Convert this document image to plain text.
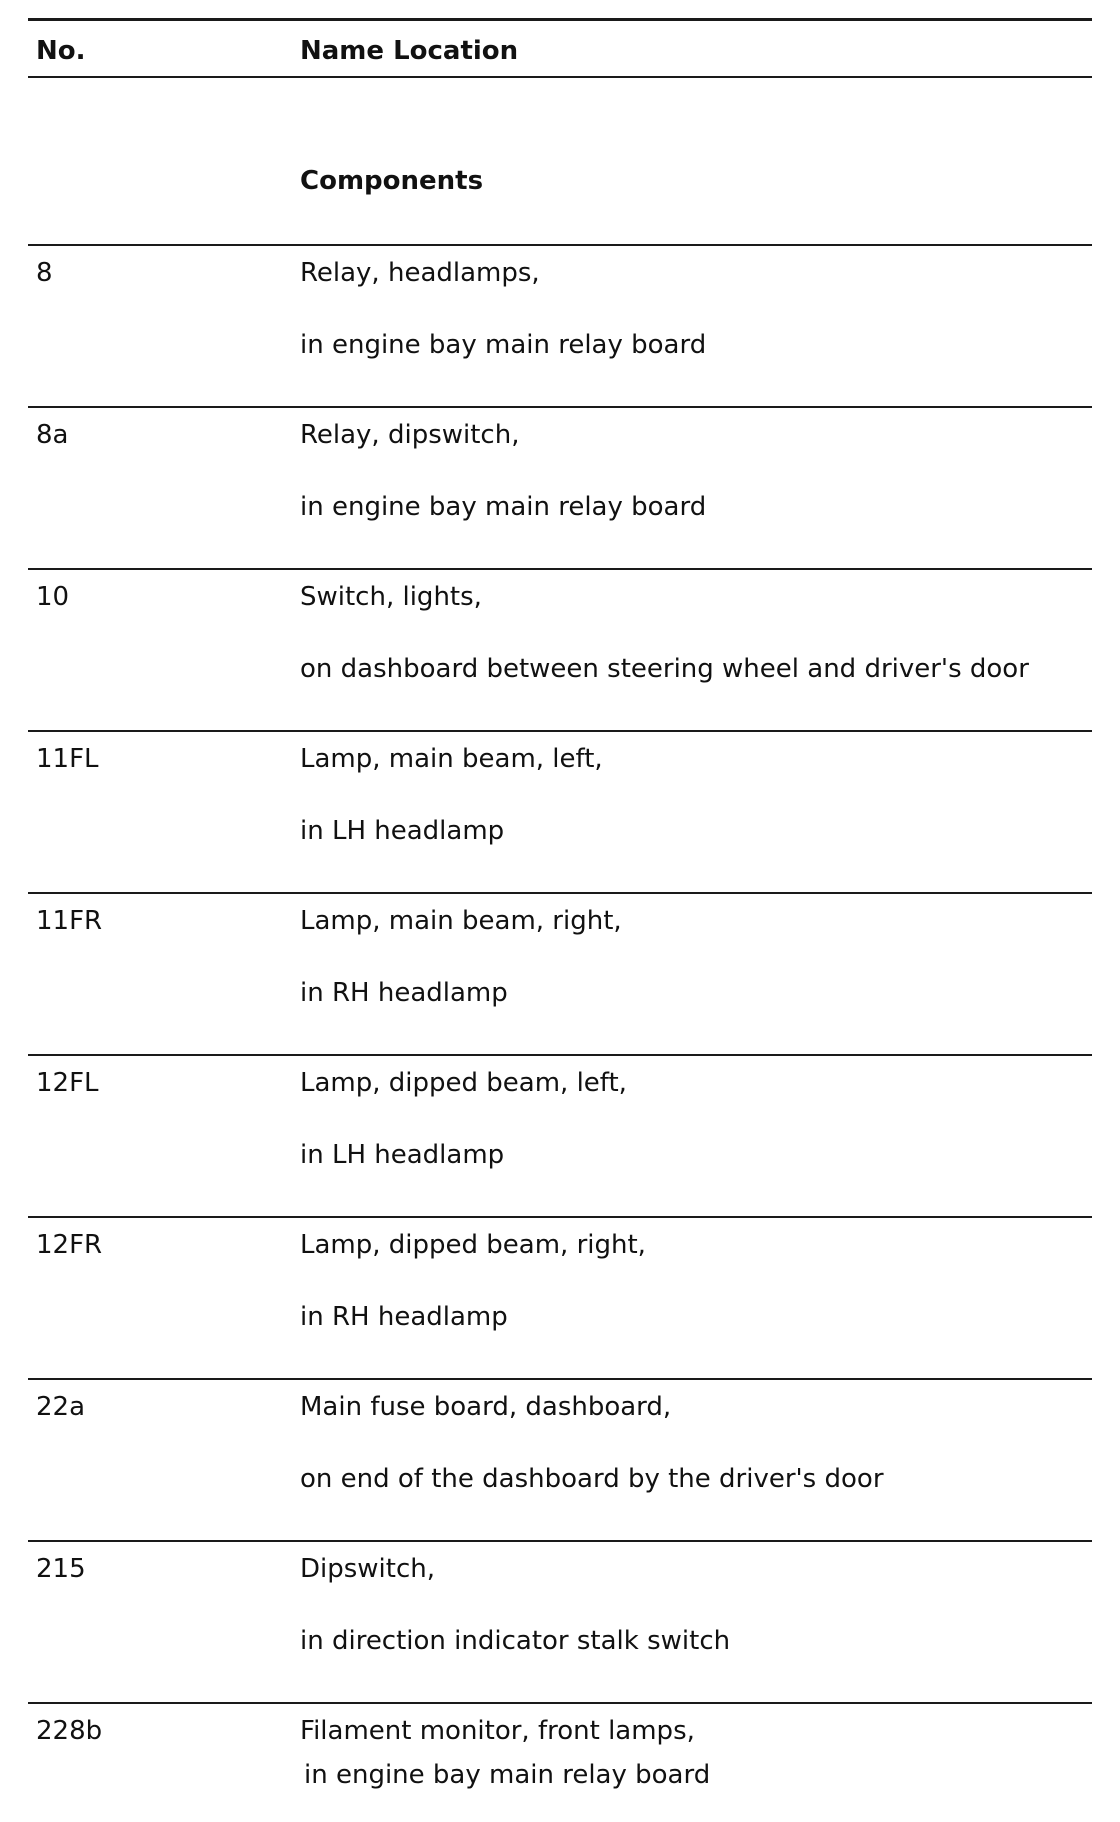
No.	Name Location
Components
8	Relay, headlamps,
in engine bay main relay board
8a	Relay, dipswitch,
in engine bay main relay board
10	Switch, lights,
on dashboard between steering wheel and driver's door
11FL	Lamp, main beam, left,
in LH headlamp
11FR	Lamp, main beam, right,
in RH headlamp
12FL	Lamp, dipped beam, left,
in LH headlamp
12FR	Lamp, dipped beam, right,
in RH headlamp
22a	Main fuse board, dashboard,
on end of the dashboard by the driver's door
215	Dipswitch,
in direction indicator stalk switch
228b	Filament monitor, front lamps,
in engine bay main relay board
